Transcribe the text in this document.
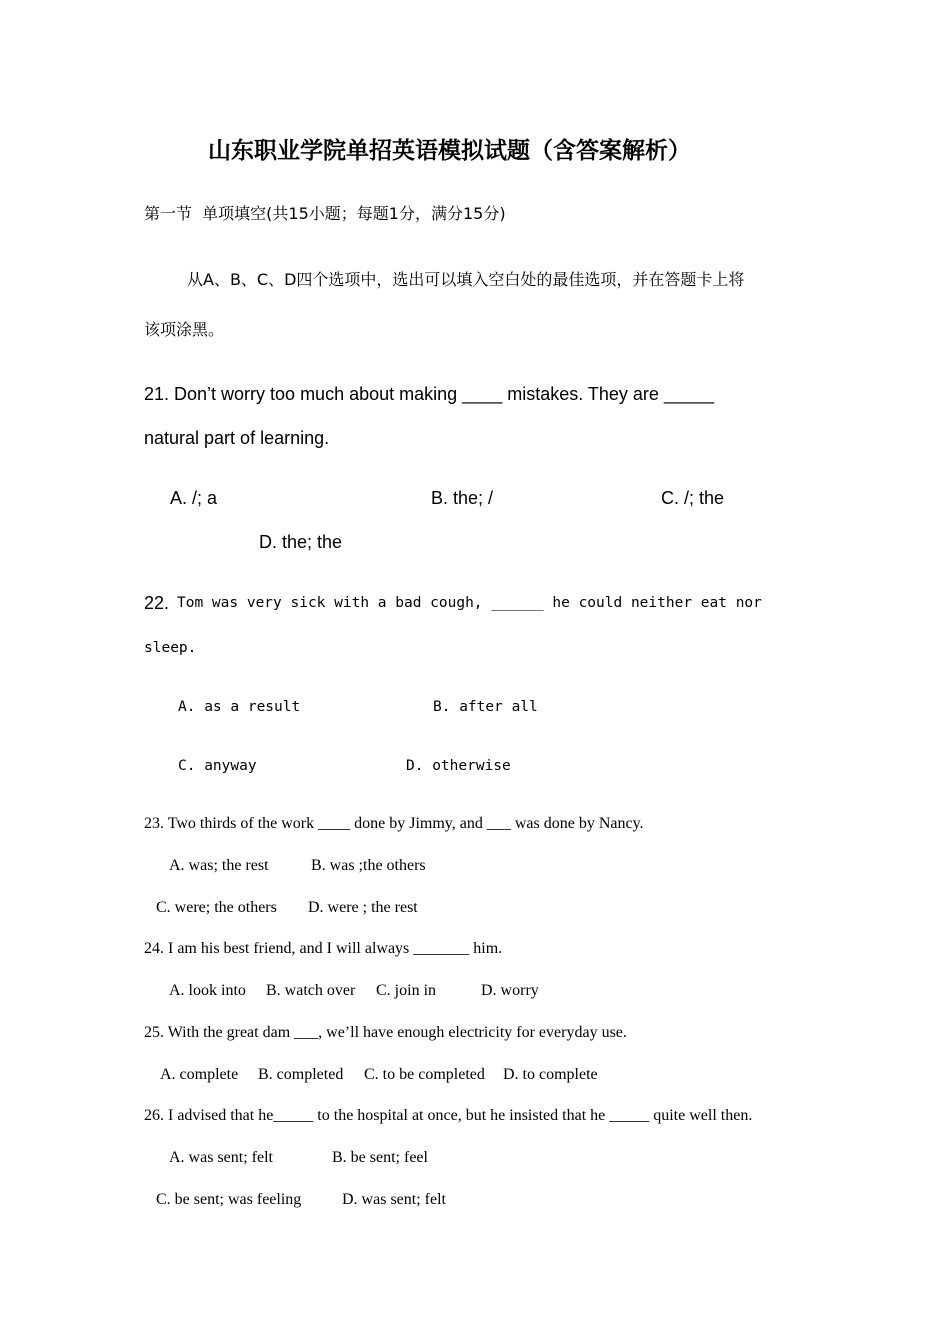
山东职业学院单招英语模拟试题（含答案解析）
第一节  单项填空(共15小题；每题1分，满分15分)
从A、B、C、D四个选项中，选出可以填入空白处的最佳选项，并在答题卡上将
该项涂黑。
21. Don’t worry too much about making ____ mistakes. They are _____
natural part of learning.
A. /; a	B. the; /	C. /; the
D. the; the
22. Tom was very sick with a bad cough, ______ he could neither eat nor
sleep.
A. as a result	B. after all
C. anyway	D. otherwise
23. Two thirds of the work ____ done by Jimmy, and ___ was done by Nancy.
A. was; the rest	B. was ;the others
C. were; the others D. were ; the rest
24. I am his best friend, and I will always _______ him.
A. look into B. watch over C. join in	D. worry
25. With the great dam ___, we’ll have enough electricity for everyday use.
A. complete B. completed C. to be completed D. to complete
26. I advised that he_____ to the hospital at once, but he insisted that he _____ quite well then.
A. was sent; felt	B. be sent; feel
C. be sent; was feeling	D. was sent; felt
